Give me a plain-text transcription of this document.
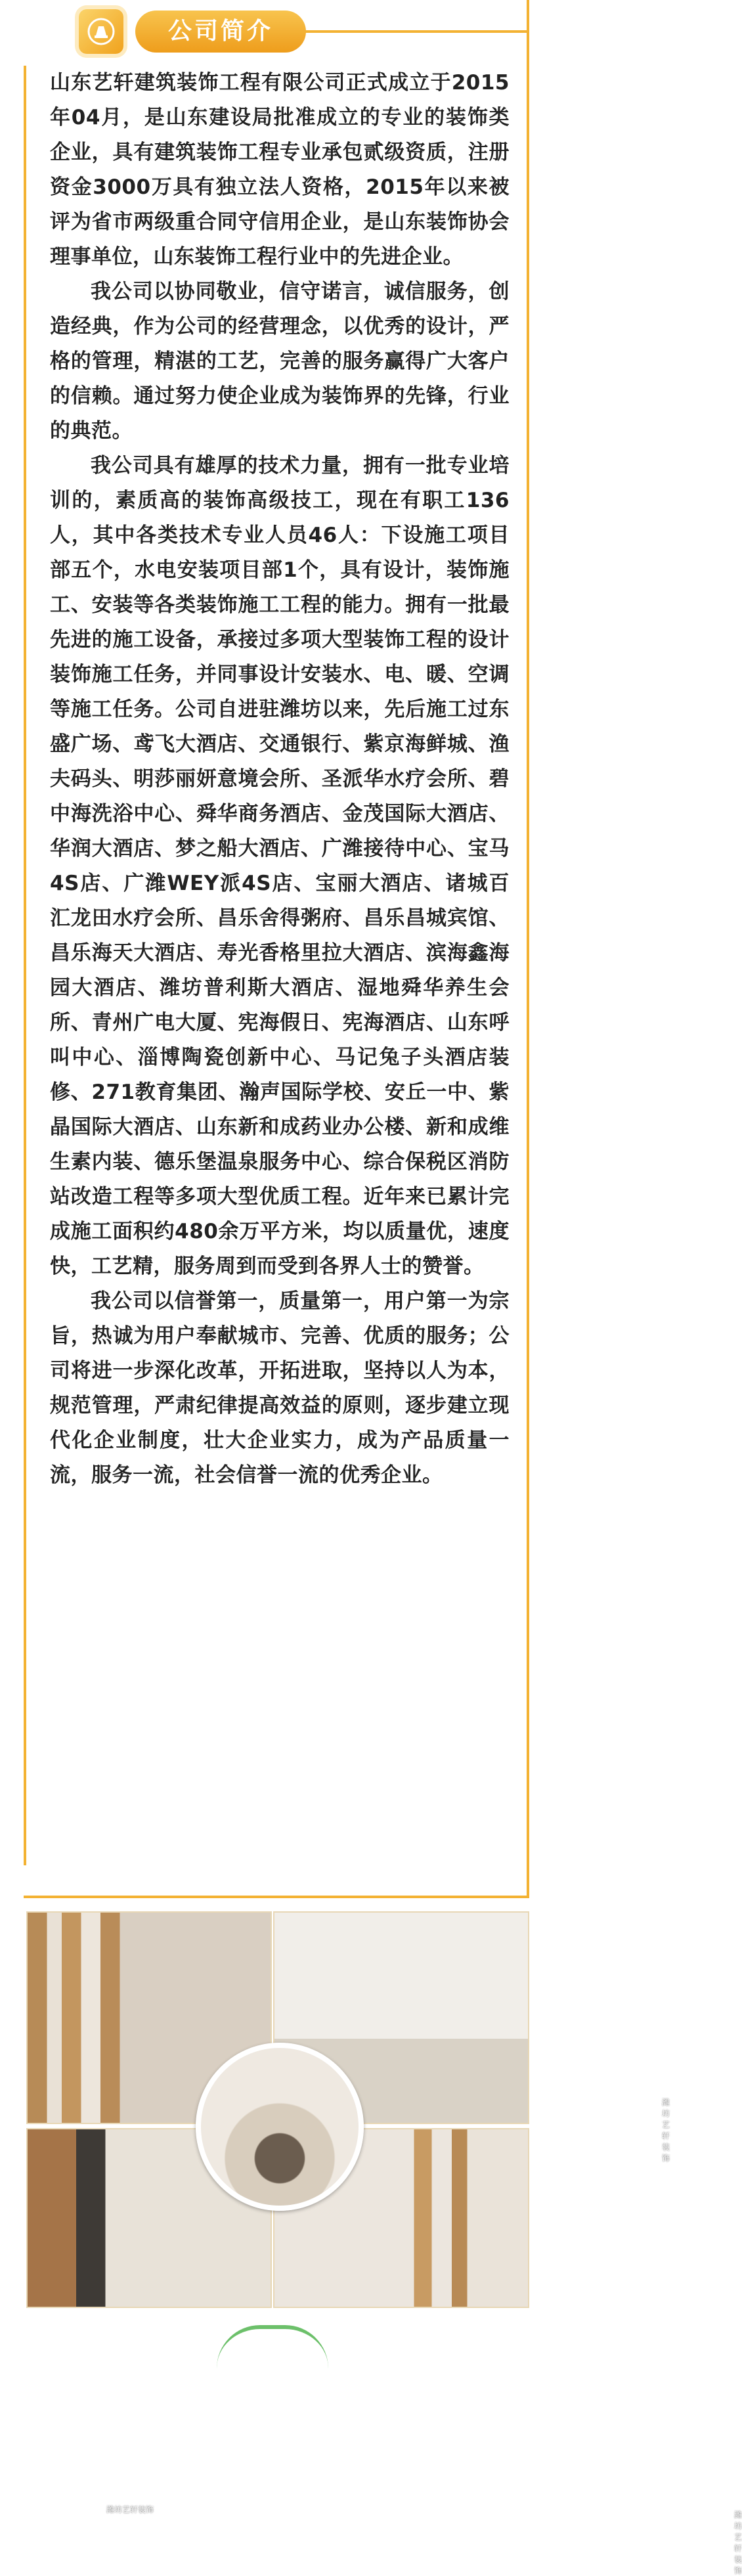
公司简介

山东艺轩建筑装饰工程有限公司正式成立于2015年04月，是山东建设局批准成立的专业的装饰类企业，具有建筑装饰工程专业承包贰级资质，注册资金3000万具有独立法人资格，2015年以来被评为省市两级重合同守信用企业，是山东装饰协会理事单位，山东装饰工程行业中的先进企业。

我公司以协同敬业，信守诺言，诚信服务，创造经典，作为公司的经营理念，以优秀的设计，严格的管理，精湛的工艺，完善的服务赢得广大客户的信赖。通过努力使企业成为装饰界的先锋，行业的典范。

我公司具有雄厚的技术力量，拥有一批专业培训的，素质高的装饰高级技工，现在有职工136人，其中各类技术专业人员46人：下设施工项目部五个，水电安装项目部1个，具有设计，装饰施工、安装等各类装饰施工工程的能力。拥有一批最先进的施工设备，承接过多项大型装饰工程的设计装饰施工任务，并同事设计安装水、电、暖、空调等施工任务。公司自进驻潍坊以来，先后施工过东盛广场、鸢飞大酒店、交通银行、紫京海鲜城、渔夫码头、明莎丽妍意境会所、圣派华水疗会所、碧中海洗浴中心、舜华商务酒店、金茂国际大酒店、华润大酒店、梦之船大酒店、广潍接待中心、宝马4S店、广潍WEY派4S店、宝丽大酒店、诸城百汇龙田水疗会所、昌乐舍得粥府、昌乐昌城宾馆、昌乐海天大酒店、寿光香格里拉大酒店、滨海鑫海园大酒店、潍坊普利斯大酒店、湿地舜华养生会所、青州广电大厦、宪海假日、宪海酒店、山东呼叫中心、淄博陶瓷创新中心、马记兔子头酒店装修、271教育集团、瀚声国际学校、安丘一中、紫晶国际大酒店、山东新和成药业办公楼、新和成维生素内装、德乐堡温泉服务中心、综合保税区消防站改造工程等多项大型优质工程。近年来已累计完成施工面积约480余万平方米，均以质量优，速度快，工艺精，服务周到而受到各界人士的赞誉。

我公司以信誉第一，质量第一，用户第一为宗旨，热诚为用户奉献城市、完善、优质的服务；公司将进一步深化改革，开拓进取，坚持以人为本，规范管理，严肃纪律提高效益的原则，逐步建立现代化企业制度，壮大企业实力，成为产品质量一流，服务一流，社会信誉一流的优秀企业。

潍坊艺轩装饰
潍坊艺轩装饰
潍坊艺轩装饰
